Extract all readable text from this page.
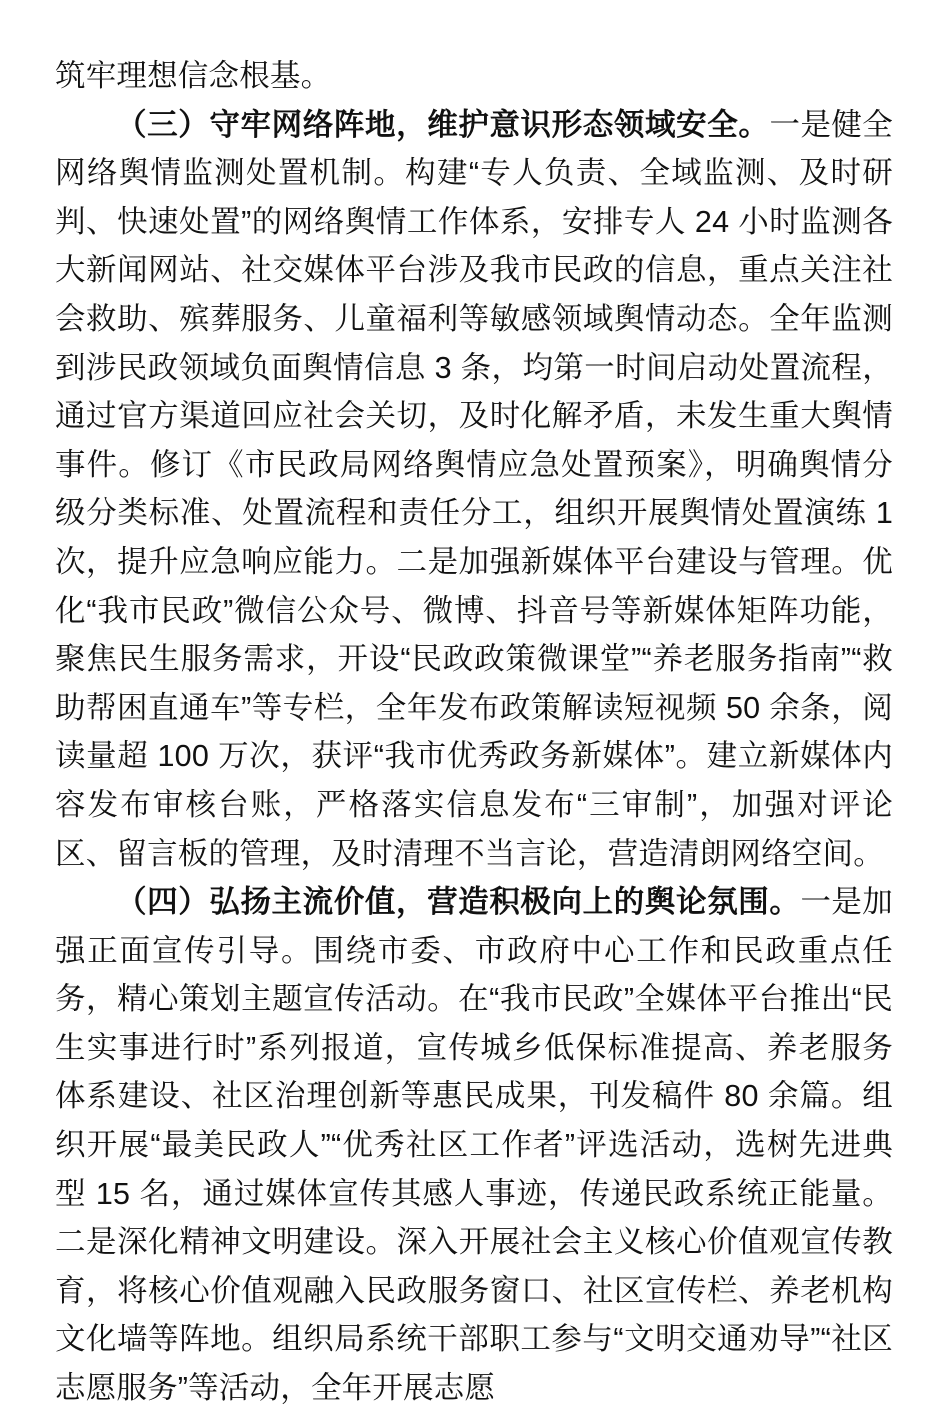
筑牢理想信念根基。

（三）守牢网络阵地，维护意识形态领域安全。一是健全网络舆情监测处置机制。构建“专人负责、全域监测、及时研判、快速处置”的网络舆情工作体系，安排专人 24 小时监测各大新闻网站、社交媒体平台涉及我市民政的信息，重点关注社会救助、殡葬服务、儿童福利等敏感领域舆情动态。全年监测到涉民政领域负面舆情信息 3 条，均第一时间启动处置流程，通过官方渠道回应社会关切，及时化解矛盾，未发生重大舆情事件。修订《市民政局网络舆情应急处置预案》，明确舆情分级分类标准、处置流程和责任分工，组织开展舆情处置演练 1 次，提升应急响应能力。二是加强新媒体平台建设与管理。优化“我市民政”微信公众号、微博、抖音号等新媒体矩阵功能，聚焦民生服务需求，开设“民政政策微课堂”“养老服务指南”“救助帮困直通车”等专栏，全年发布政策解读短视频 50 余条，阅读量超 100 万次，获评“我市优秀政务新媒体”。建立新媒体内容发布审核台账，严格落实信息发布“三审制”，加强对评论区、留言板的管理，及时清理不当言论，营造清朗网络空间。

（四）弘扬主流价值，营造积极向上的舆论氛围。一是加强正面宣传引导。围绕市委、市政府中心工作和民政重点任务，精心策划主题宣传活动。在“我市民政”全媒体平台推出“民生实事进行时”系列报道，宣传城乡低保标准提高、养老服务体系建设、社区治理创新等惠民成果，刊发稿件 80 余篇。组织开展“最美民政人”“优秀社区工作者”评选活动，选树先进典型 15 名，通过媒体宣传其感人事迹，传递民政系统正能量。二是深化精神文明建设。深入开展社会主义核心价值观宣传教育，将核心价值观融入民政服务窗口、社区宣传栏、养老机构文化墙等阵地。组织局系统干部职工参与“文明交通劝导”“社区志愿服务”等活动，全年开展志愿
